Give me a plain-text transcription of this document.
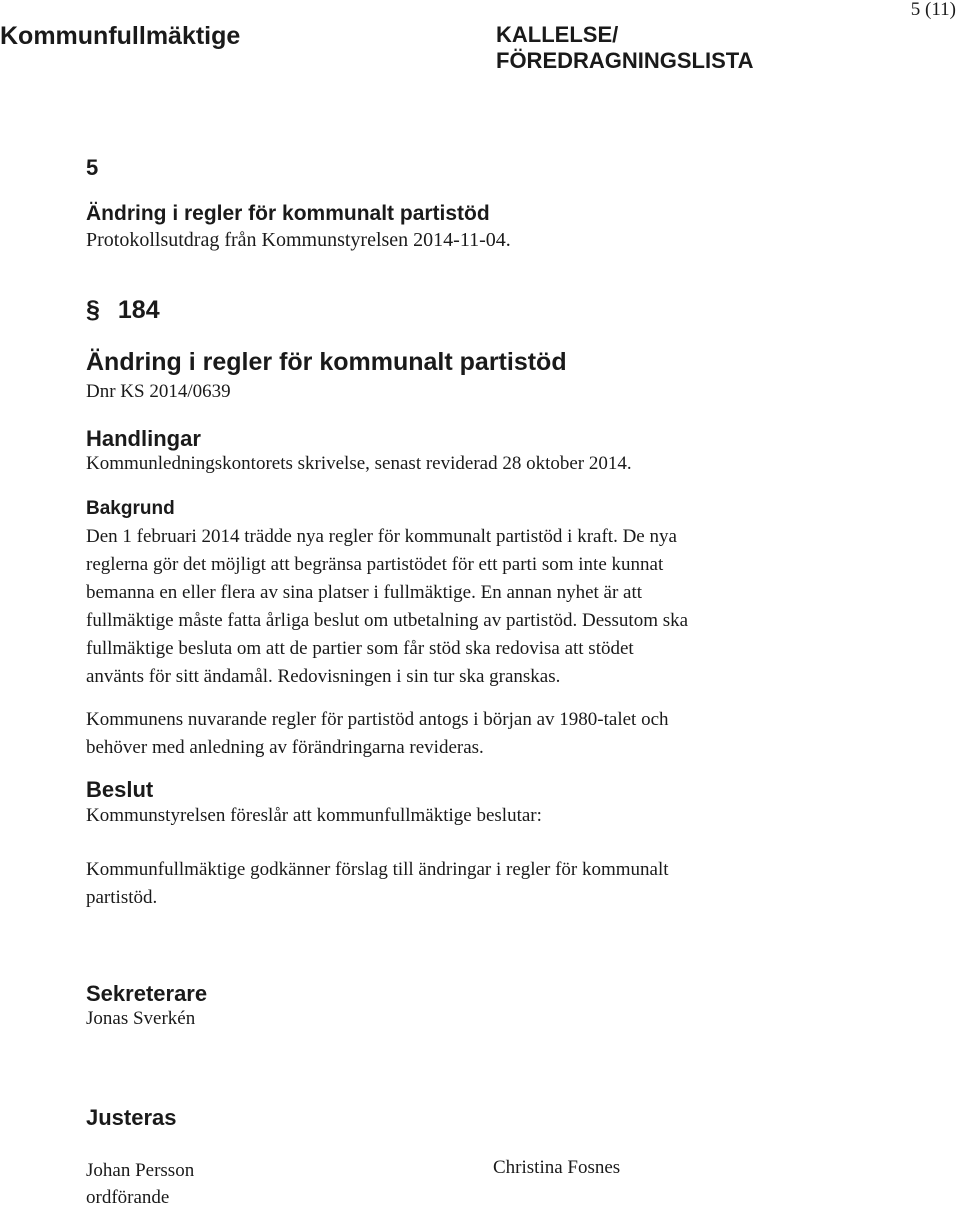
Kommunfullmäktige	KALLELSE/
FÖREDRAGNINGSLISTA
5 (11)
5
Ändring i regler för kommunalt partistöd
Protokollsutdrag från Kommunstyrelsen 2014-11-04.
§ 184
Ändring i regler för kommunalt partistöd
Dnr KS 2014/0639
Handlingar
Kommunledningskontorets skrivelse, senast reviderad 28 oktober 2014.
Bakgrund
Den 1 februari 2014 trädde nya regler för kommunalt partistöd i kraft. De nya
reglerna gör det möjligt att begränsa partistödet för ett parti som inte kunnat
bemanna en eller flera av sina platser i fullmäktige. En annan nyhet är att
fullmäktige måste fatta årliga beslut om utbetalning av partistöd. Dessutom ska
fullmäktige besluta om att de partier som får stöd ska redovisa att stödet
använts för sitt ändamål. Redovisningen i sin tur ska granskas.
Kommunens nuvarande regler för partistöd antogs i början av 1980-talet och
behöver med anledning av förändringarna revideras.
Beslut
Kommunstyrelsen föreslår att kommunfullmäktige beslutar:
Kommunfullmäktige godkänner förslag till ändringar i regler för kommunalt
partistöd.
Sekreterare
Jonas Sverkén
Justeras
Johan Persson
ordförande
Christina Fosnes
